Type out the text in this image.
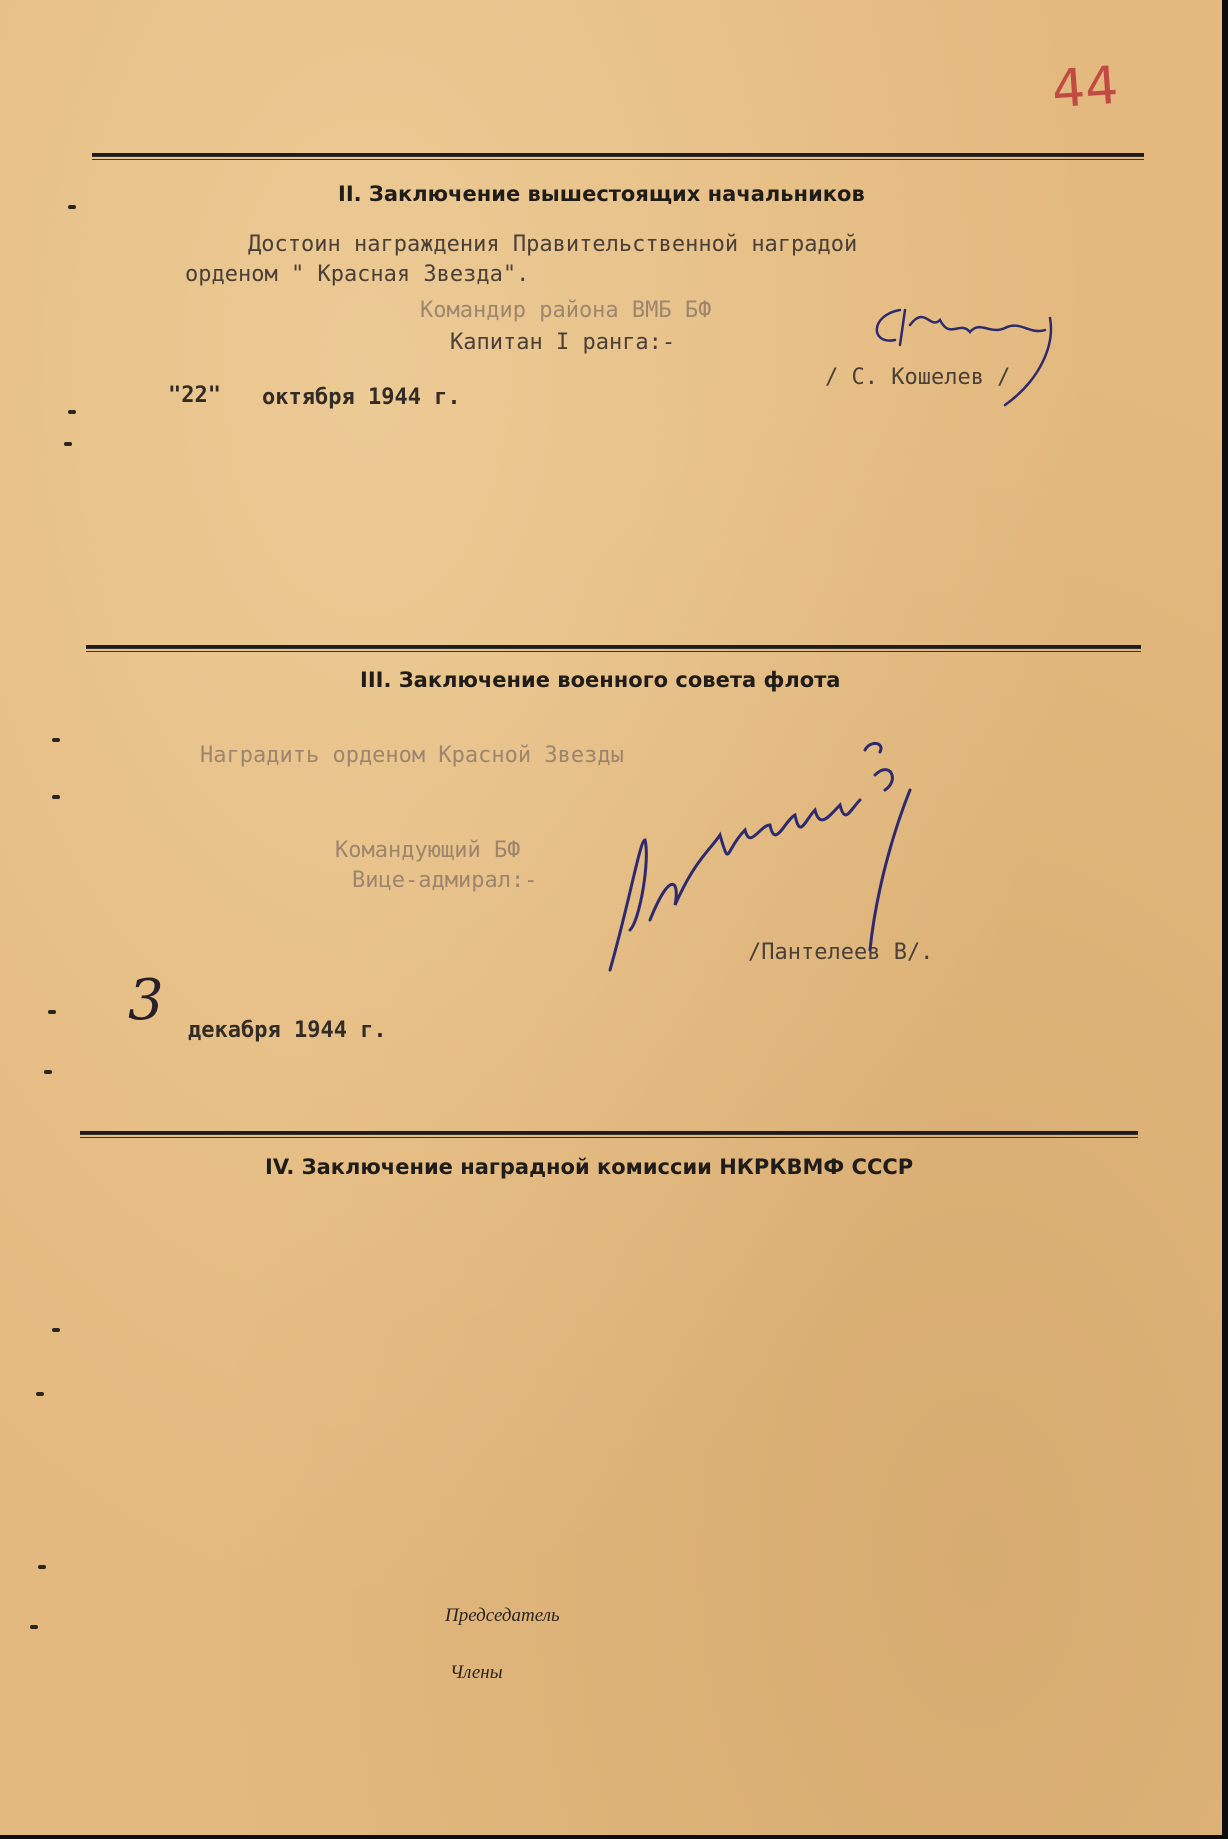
44
II. Заключение вышестоящих начальников
Достоин награждения Правительственной наградой
орденом " Красная Звезда".
Командир района ВМБ БФ
Капитан I ранга:-
/ С. Кошелев /
"22" октября 1944 г.
III. Заключение военного совета флота
Наградить орденом Красной Звезды
Командующий БФ
Вице-адмирал:-
/Пантелеев В/.
3 декабря 1944 г.
IV. Заключение наградной комиссии НКРКВМФ СССР
Председатель
Члены
